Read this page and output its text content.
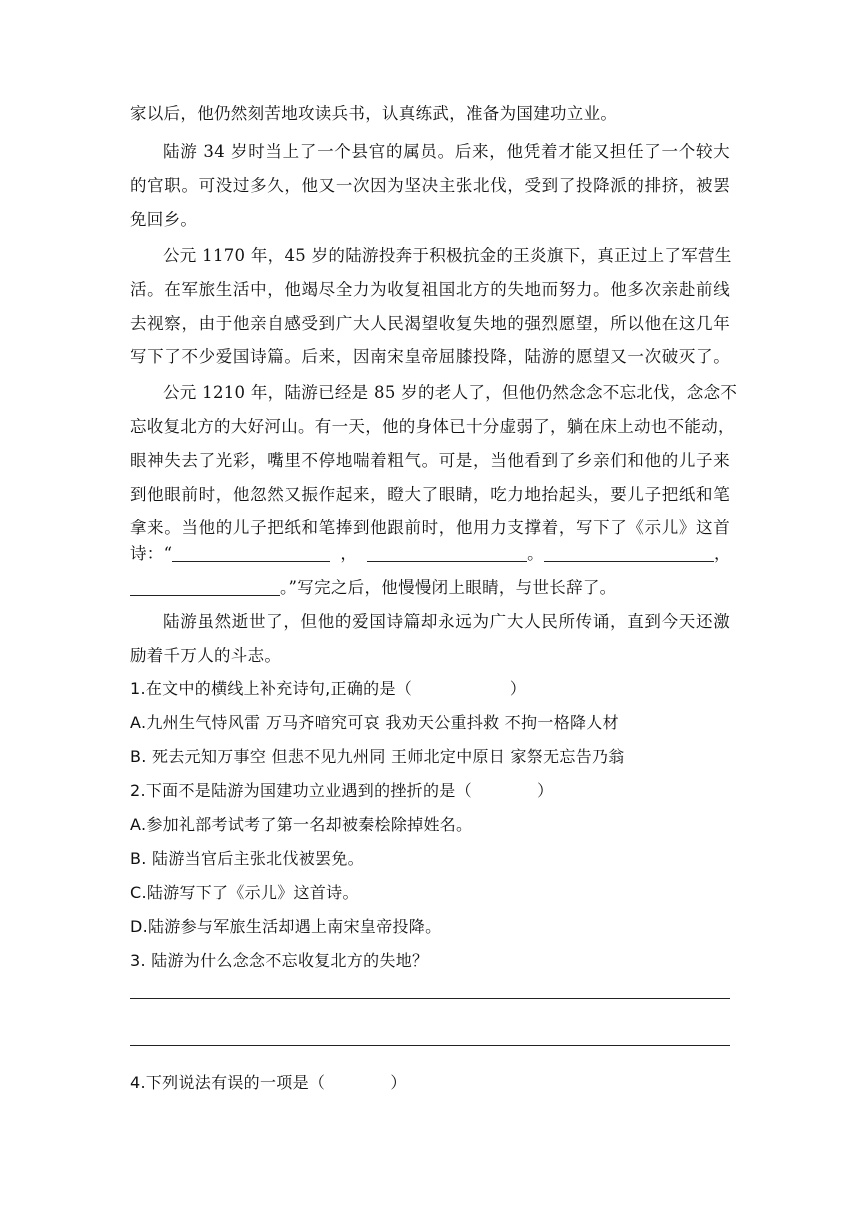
家以后，他仍然刻苦地攻读兵书，认真练武，准备为国建功立业。
陆游 34 岁时当上了一个县官的属员。后来，他凭着才能又担任了一个较大
的官职。可没过多久，他又一次因为坚决主张北伐，受到了投降派的排挤，被罢
免回乡。
公元 1170 年，45 岁的陆游投奔于积极抗金的王炎旗下，真正过上了军营生
活。在军旅生活中，他竭尽全力为收复祖国北方的失地而努力。他多次亲赴前线
去视察，由于他亲自感受到广大人民渴望收复失地的强烈愿望，所以他在这几年
写下了不少爱国诗篇。后来，因南宋皇帝屈膝投降，陆游的愿望又一次破灭了。
公元 1210 年，陆游已经是 85 岁的老人了，但他仍然念念不忘北伐，念念不
忘收复北方的大好河山。有一天，他的身体已十分虚弱了，躺在床上动也不能动，
眼神失去了光彩，嘴里不停地喘着粗气。可是，当他看到了乡亲们和他的儿子来
到他眼前时，他忽然又振作起来，瞪大了眼睛，吃力地抬起头，要儿子把纸和笔
拿来。当他的儿子把纸和笔捧到他跟前时，他用力支撑着，写下了《示儿》这首
诗：“	，	。	，
。”写完之后，他慢慢闭上眼睛，与世长辞了。
陆游虽然逝世了，但他的爱国诗篇却永远为广大人民所传诵，直到今天还激
励着千万人的斗志。
1.在文中的横线上补充诗句,正确的是（　　　　　　）
A.九州生气恃风雷 万马齐喑究可哀 我劝天公重抖救 不拘一格降人材
B. 死去元知万事空 但悲不见九州同 王师北定中原日 家祭无忘告乃翁
2.下面不是陆游为国建功立业遇到的挫折的是（　　　　）
A.参加礼部考试考了第一名却被秦桧除掉姓名。
B. 陆游当官后主张北伐被罢免。
C.陆游写下了《示儿》这首诗。
D.陆游参与军旅生活却遇上南宋皇帝投降。
3. 陆游为什么念念不忘收复北方的失地？
4.下列说法有误的一项是（　　　　）
